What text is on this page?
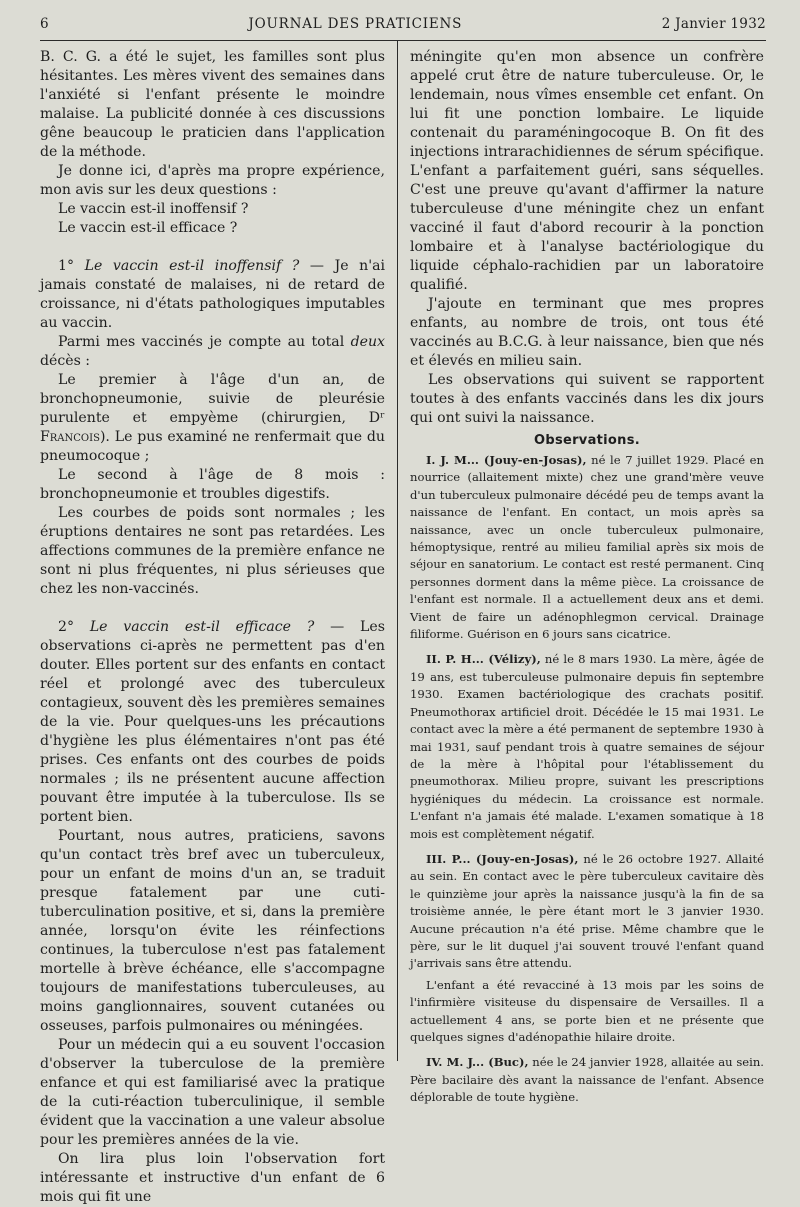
6	JOURNAL DES PRATICIENS	2 Janvier 1932

B. C. G. a été le sujet, les familles sont plus hésitantes. Les mères vivent des semaines dans l'anxiété si l'enfant présente le moindre malaise. La publicité donnée à ces discussions gêne beaucoup le praticien dans l'application de la méthode.

Je donne ici, d'après ma propre expérience, mon avis sur les deux questions :

Le vaccin est-il inoffensif ?

Le vaccin est-il efficace ?

1° Le vaccin est-il inoffensif ? — Je n'ai jamais constaté de malaises, ni de retard de croissance, ni d'états pathologiques imputables au vaccin.

Parmi mes vaccinés je compte au total deux décès :

Le premier à l'âge d'un an, de bronchopneumonie, suivie de pleurésie purulente et empyème (chirurgien, Dʳ Francois). Le pus examiné ne renfermait que du pneumocoque ;

Le second à l'âge de 8 mois : bronchopneumonie et troubles digestifs.

Les courbes de poids sont normales ; les éruptions dentaires ne sont pas retardées. Les affections communes de la première enfance ne sont ni plus fréquentes, ni plus sérieuses que chez les non-vaccinés.

2° Le vaccin est-il efficace ? — Les observations ci-après ne permettent pas d'en douter. Elles portent sur des enfants en contact réel et prolongé avec des tuberculeux contagieux, souvent dès les premières semaines de la vie. Pour quelques-uns les précautions d'hygiène les plus élémentaires n'ont pas été prises. Ces enfants ont des courbes de poids normales ; ils ne présentent aucune affection pouvant être imputée à la tuberculose. Ils se portent bien.

Pourtant, nous autres, praticiens, savons qu'un contact très bref avec un tuberculeux, pour un enfant de moins d'un an, se traduit presque fatalement par une cuti-tuberculination positive, et si, dans la première année, lorsqu'on évite les réinfections continues, la tuberculose n'est pas fatalement mortelle à brève échéance, elle s'accompagne toujours de manifestations tuberculeuses, au moins ganglionnaires, souvent cutanées ou osseuses, parfois pulmonaires ou méningées.

Pour un médecin qui a eu souvent l'occasion d'observer la tuberculose de la première enfance et qui est familiarisé avec la pratique de la cuti-réaction tuberculinique, il semble évident que la vaccination a une valeur absolue pour les premières années de la vie.

On lira plus loin l'observation fort intéressante et instructive d'un enfant de 6 mois qui fit une

méningite qu'en mon absence un confrère appelé crut être de nature tuberculeuse. Or, le lendemain, nous vîmes ensemble cet enfant. On lui fit une ponction lombaire. Le liquide contenait du paraméningocoque B. On fit des injections intrarachidiennes de sérum spécifique. L'enfant a parfaitement guéri, sans séquelles. C'est une preuve qu'avant d'affirmer la nature tuberculeuse d'une méningite chez un enfant vacciné il faut d'abord recourir à la ponction lombaire et à l'analyse bactériologique du liquide céphalo-rachidien par un laboratoire qualifié.

J'ajoute en terminant que mes propres enfants, au nombre de trois, ont tous été vaccinés au B.C.G. à leur naissance, bien que nés et élevés en milieu sain.

Les observations qui suivent se rapportent toutes à des enfants vaccinés dans les dix jours qui ont suivi la naissance.

Observations.

I. J. M... (Jouy-en-Josas), né le 7 juillet 1929. Placé en nourrice (allaitement mixte) chez une grand'mère veuve d'un tuberculeux pulmonaire décédé peu de temps avant la naissance de l'enfant. En contact, un mois après sa naissance, avec un oncle tuberculeux pulmonaire, hémoptysique, rentré au milieu familial après six mois de séjour en sanatorium. Le contact est resté permanent. Cinq personnes dorment dans la même pièce. La croissance de l'enfant est normale. Il a actuellement deux ans et demi. Vient de faire un adénophlegmon cervical. Drainage filiforme. Guérison en 6 jours sans cicatrice.

II. P. H... (Vélizy), né le 8 mars 1930. La mère, âgée de 19 ans, est tuberculeuse pulmonaire depuis fin septembre 1930. Examen bactériologique des crachats positif. Pneumothorax artificiel droit. Décédée le 15 mai 1931. Le contact avec la mère a été permanent de septembre 1930 à mai 1931, sauf pendant trois à quatre semaines de séjour de la mère à l'hôpital pour l'établissement du pneumothorax. Milieu propre, suivant les prescriptions hygiéniques du médecin. La croissance est normale. L'enfant n'a jamais été malade. L'examen somatique à 18 mois est complètement négatif.

III. P... (Jouy-en-Josas), né le 26 octobre 1927. Allaité au sein. En contact avec le père tuberculeux cavitaire dès le quinzième jour après la naissance jusqu'à la fin de sa troisième année, le père étant mort le 3 janvier 1930. Aucune précaution n'a été prise. Même chambre que le père, sur le lit duquel j'ai souvent trouvé l'enfant quand j'arrivais sans être attendu.

L'enfant a été revacciné à 13 mois par les soins de l'infirmière visiteuse du dispensaire de Versailles. Il a actuellement 4 ans, se porte bien et ne présente que quelques signes d'adénopathie hilaire droite.

IV. M. J... (Buc), née le 24 janvier 1928, allaitée au sein. Père bacilaire dès avant la naissance de l'enfant. Absence déplorable de toute hygiène.
